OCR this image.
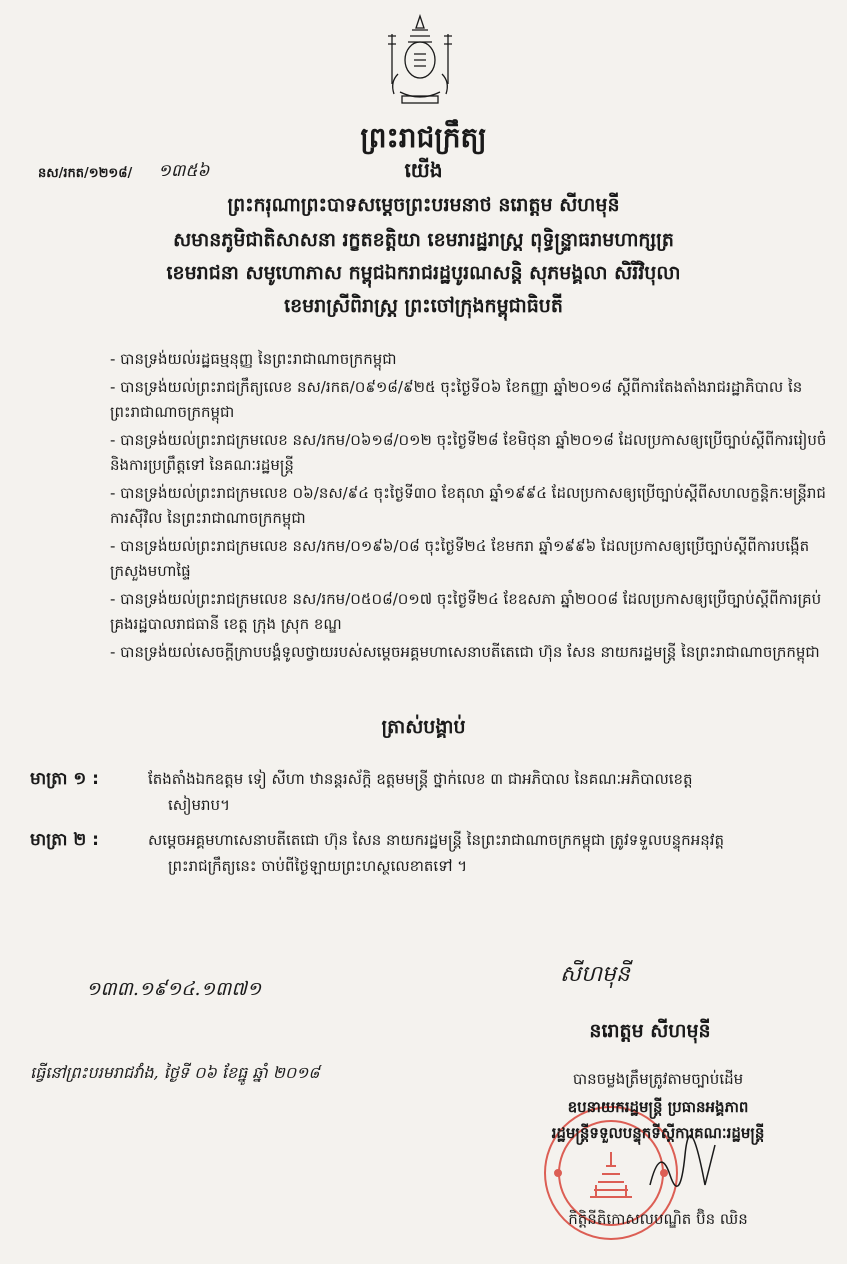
ព្រះរាជក្រឹត្យ
យើង
នស/រកត/១២១៨/ ១៣៥៦
ព្រះករុណាព្រះបាទសម្តេចព្រះបរមនាថ នរោត្តម សីហមុនី
សមានភូមិជាតិសាសនា រក្ខតខត្តិយា ខេមរារដ្ឋរាស្ត្រ ពុទ្ធិន្ទ្រាធរាមហាក្សត្រ
ខេមរាជនា សមូហោភាស កម្ពុជឯករាជរដ្ឋបូរណសន្តិ សុភមង្គលា សិរីវិបុលា
ខេមរាស្រីពិរាស្ត្រ ព្រះចៅក្រុងកម្ពុជាធិបតី
- បានទ្រង់យល់រដ្ឋធម្មនុញ្ញ នៃព្រះរាជាណាចក្រកម្ពុជា
- បានទ្រង់យល់ព្រះរាជក្រឹត្យលេខ នស/រកត/០៩១៨/៩២៥ ចុះថ្ងៃទី០៦ ខែកញ្ញា ឆ្នាំ២០១៨ ស្តីពីការតែងតាំងរាជរដ្ឋាភិបាល នៃព្រះរាជាណាចក្រកម្ពុជា
- បានទ្រង់យល់ព្រះរាជក្រមលេខ នស/រកម/០៦១៨/០១២ ចុះថ្ងៃទី២៨ ខែមិថុនា ឆ្នាំ២០១៨ ដែលប្រកាសឲ្យប្រើច្បាប់ស្តីពីការរៀបចំ និងការប្រព្រឹត្តទៅ នៃគណៈរដ្ឋមន្ត្រី
- បានទ្រង់យល់ព្រះរាជក្រមលេខ ០៦/នស/៩៤ ចុះថ្ងៃទី៣០ ខែតុលា ឆ្នាំ១៩៩៤ ដែលប្រកាសឲ្យប្រើច្បាប់ស្តីពីសហលក្ខន្តិកៈមន្ត្រីរាជការស៊ីវិល នៃព្រះរាជាណាចក្រកម្ពុជា
- បានទ្រង់យល់ព្រះរាជក្រមលេខ នស/រកម/០១៩៦/០៨ ចុះថ្ងៃទី២៤ ខែមករា ឆ្នាំ១៩៩៦ ដែលប្រកាសឲ្យប្រើច្បាប់ស្តីពីការបង្កើតក្រសួងមហាផ្ទៃ
- បានទ្រង់យល់ព្រះរាជក្រមលេខ នស/រកម/០៥០៨/០១៧ ចុះថ្ងៃទី២៤ ខែឧសភា ឆ្នាំ២០០៨ ដែលប្រកាសឲ្យប្រើច្បាប់ស្តីពីការគ្រប់គ្រងរដ្ឋបាលរាជធានី ខេត្ត ក្រុង ស្រុក ខណ្ឌ
- បានទ្រង់យល់សេចក្តីក្រាបបង្គំទូលថ្វាយរបស់សម្តេចអគ្គមហាសេនាបតីតេជោ ហ៊ុន សែន នាយករដ្ឋមន្ត្រី នៃព្រះរាជាណាចក្រកម្ពុជា
ត្រាស់បង្គាប់
មាត្រា ១ :	តែងតាំងឯកឧត្តម ទៀ សីហា ឋានន្តរស័ក្តិ ឧត្តមមន្ត្រី ថ្នាក់លេខ ៣ ជាអភិបាល នៃគណៈអភិបាលខេត្ត
សៀមរាប។
មាត្រា ២ :	សម្តេចអគ្គមហាសេនាបតីតេជោ ហ៊ុន សែន នាយករដ្ឋមន្ត្រី នៃព្រះរាជាណាចក្រកម្ពុជា ត្រូវទទួលបន្ទុកអនុវត្ត
ព្រះរាជក្រឹត្យនេះ ចាប់ពីថ្ងៃឡាយព្រះហស្ថលេខាតទៅ ។
សីហមុនី
១៣៣.១៩១៤.១៣៧១
នរោត្តម សីហមុនី
ធ្វើនៅព្រះបរមរាជវាំង, ថ្ងៃទី ០៦ ខែធ្នូ ឆ្នាំ ២០១៨	បានចម្លងត្រឹមត្រូវតាមច្បាប់ដើម
ឧបនាយករដ្ឋមន្ត្រី ប្រធានអង្គភាព
រដ្ឋមន្ត្រីទទួលបន្ទុកទីស្តីការគណៈរដ្ឋមន្ត្រី
កិត្តិនីតិកោសលបណ្ឌិត ប៊ិន ឈិន
